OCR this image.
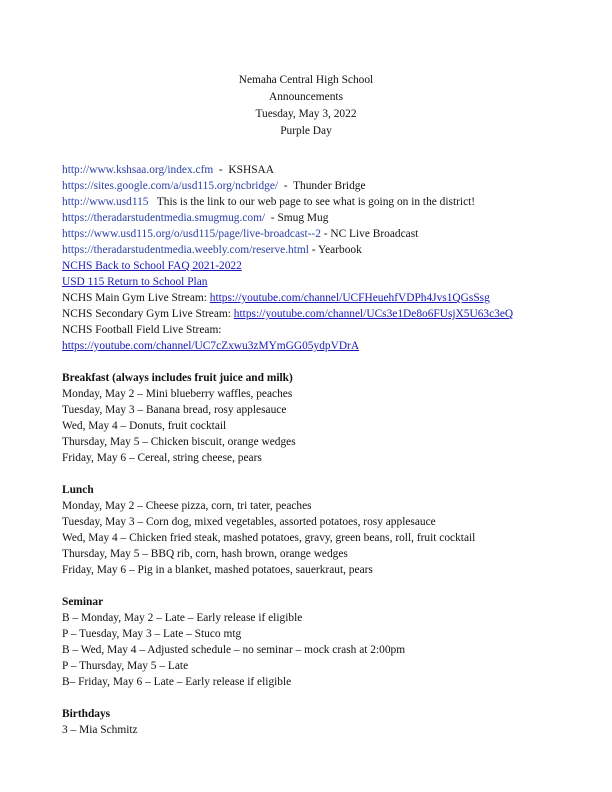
Nemaha Central High School
Announcements
Tuesday, May 3, 2022
Purple Day
http://www.kshsaa.org/index.cfm  -  KSHSAA
https://sites.google.com/a/usd115.org/ncbridge/  -  Thunder Bridge
http://www.usd115   This is the link to our web page to see what is going on in the district!
https://theradarstudentmedia.smugmug.com/  - Smug Mug
https://www.usd115.org/o/usd115/page/live-broadcast--2 - NC Live Broadcast
https://theradarstudentmedia.weebly.com/reserve.html - Yearbook
NCHS Back to School FAQ 2021-2022
USD 115 Return to School Plan
NCHS Main Gym Live Stream: https://youtube.com/channel/UCFHeuehfVDPh4Jvs1QGsSsg
NCHS Secondary Gym Live Stream: https://youtube.com/channel/UCs3e1De8o6FUsjX5U63c3eQ
NCHS Football Field Live Stream:
https://youtube.com/channel/UC7cZxwu3zMYmGG05ydpVDrA
Breakfast (always includes fruit juice and milk)
Monday, May 2 – Mini blueberry waffles, peaches
Tuesday, May 3 – Banana bread, rosy applesauce
Wed, May 4 – Donuts, fruit cocktail
Thursday, May 5 – Chicken biscuit, orange wedges
Friday, May 6 – Cereal, string cheese, pears
Lunch
Monday, May 2 – Cheese pizza, corn, tri tater, peaches
Tuesday, May 3 – Corn dog, mixed vegetables, assorted potatoes, rosy applesauce
Wed, May 4 – Chicken fried steak, mashed potatoes, gravy, green beans, roll, fruit cocktail
Thursday, May 5 – BBQ rib, corn, hash brown, orange wedges
Friday, May 6 – Pig in a blanket, mashed potatoes, sauerkraut, pears
Seminar
B – Monday, May 2 – Late – Early release if eligible
P – Tuesday, May 3 – Late – Stuco mtg
B – Wed, May 4 – Adjusted schedule – no seminar – mock crash at 2:00pm
P – Thursday, May 5 – Late
B– Friday, May 6 – Late – Early release if eligible
Birthdays
3 – Mia Schmitz
